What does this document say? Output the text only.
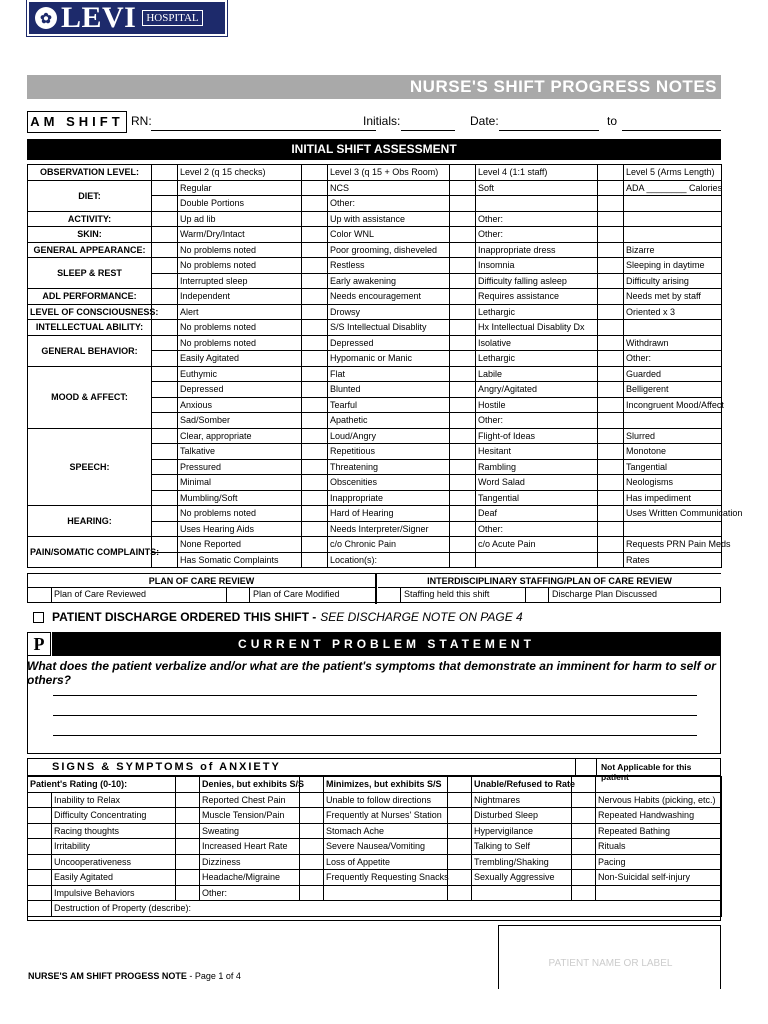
NURSE'S SHIFT PROGRESS NOTES
✿ LEVI HOSPITAL
AM SHIFT RN:	Initials:	Date:	to
INITIAL SHIFT ASSESSMENT
OBSERVATION LEVEL:		Level 2 (q 15 checks)		Level 3 (q 15 + Obs Room)		Level 4 (1:1 staff)		Level 5 (Arms Length)
DIET:		Regular		NCS		Soft		ADA ________ Calories
		Double Portions		Other:				
ACTIVITY:		Up ad lib		Up with assistance		Other:		
SKIN:		Warm/Dry/Intact		Color WNL		Other:		
GENERAL APPEARANCE:		No problems noted		Poor grooming, disheveled		Inappropriate dress		Bizarre
SLEEP & REST		No problems noted		Restless		Insomnia		Sleeping in daytime
		Interrupted sleep		Early awakening		Difficulty falling asleep		Difficulty arising
ADL PERFORMANCE:		Independent		Needs encouragement		Requires assistance		Needs met by staff
LEVEL OF CONSCIOUSNESS:		Alert		Drowsy		Lethargic		Oriented x 3
INTELLECTUAL ABILITY:		No problems noted		S/S Intellectual Disablity		Hx Intellectual Disablity Dx		
GENERAL BEHAVIOR:		No problems noted		Depressed		Isolative		Withdrawn
		Easily Agitated		Hypomanic or Manic		Lethargic		Other:
MOOD & AFFECT:		Euthymic		Flat		Labile		Guarded
		Depressed		Blunted		Angry/Agitated		Belligerent
		Anxious		Tearful		Hostile		Incongruent Mood/Affect
		Sad/Somber		Apathetic		Other:		
SPEECH:		Clear, appropriate		Loud/Angry		Flight-of Ideas		Slurred
		Talkative		Repetitious		Hesitant		Monotone
		Pressured		Threatening		Rambling		Tangential
		Minimal		Obscenities		Word Salad		Neologisms
		Mumbling/Soft		Inappropriate		Tangential		Has impediment
HEARING:		No problems noted		Hard of Hearing		Deaf		Uses Written Communication
		Uses Hearing Aids		Needs Interpreter/Signer		Other:		
PAIN/SOMATIC COMPLAINTS:		None Reported		c/o Chronic Pain		c/o Acute Pain		Requests PRN Pain Meds
		Has Somatic Complaints		Location(s):				Rates
PLAN OF CARE REVIEW	INTERDISCIPLINARY STAFFING/PLAN OF CARE REVIEW
Plan of Care Reviewed	Plan of Care Modified	Staffing held this shift	Discharge Plan Discussed
PATIENT DISCHARGE ORDERED THIS SHIFT - SEE DISCHARGE NOTE ON PAGE 4
P	CURRENT PROBLEM STATEMENT
What does the patient verbalize and/or what are the patient's symptoms that demonstrate an imminent for harm to self or others?
SIGNS & SYMPTOMS of ANXIETY	Not Applicable for this patient
Patient's Rating (0-10):			Denies, but exhibits S/S		Minimizes, but exhibits S/S		Unable/Refused to Rate		
	Inability to Relax		Reported Chest Pain		Unable to follow directions		Nightmares		Nervous Habits (picking, etc.)
	Difficulty Concentrating		Muscle Tension/Pain		Frequently at Nurses' Station		Disturbed Sleep		Repeated Handwashing
	Racing thoughts		Sweating		Stomach Ache		Hypervigilance		Repeated Bathing
	Irritability		Increased Heart Rate		Severe Nausea/Vomiting		Talking to Self		Rituals
	Uncooperativeness		Dizziness		Loss of Appetite		Trembling/Shaking		Pacing
	Easily Agitated		Headache/Migraine		Frequently Requesting Snacks		Sexually Aggressive		Non-Suicidal self-injury
	Impulsive Behaviors		Other:						
	Destruction of Property (describe):								
PATIENT NAME OR LABEL
NURSE'S AM SHIFT PROGESS NOTE - Page 1 of 4
